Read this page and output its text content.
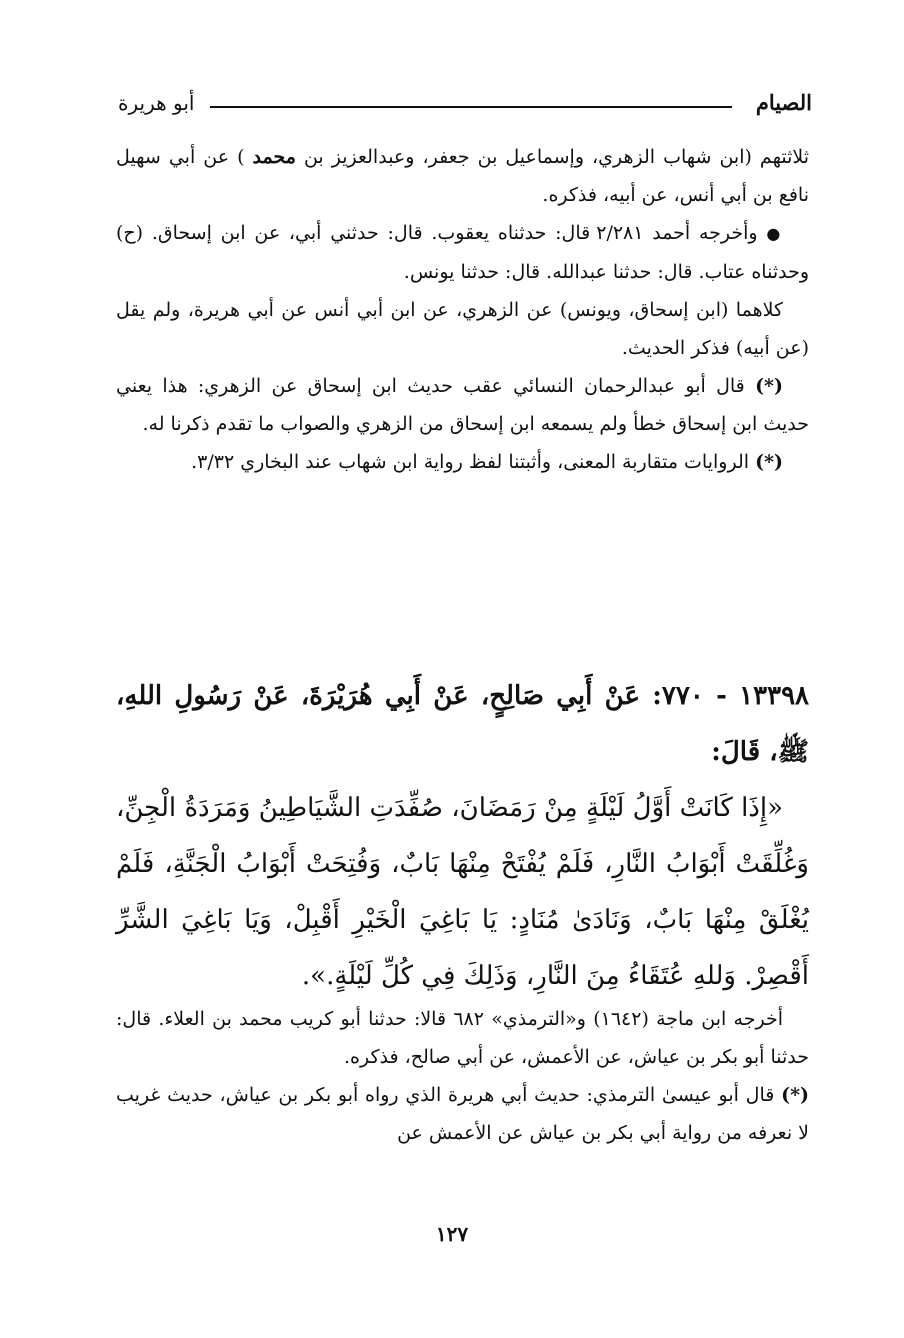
الصيام
أبو هريرة

ثلاثتهم (ابن شهاب الزهري، وإسماعيل بن جعفر، وعبدالعزيز بن محمد ) عن أبي سهيل نافع بن أبي أنس، عن أبيه، فذكره.

● وأخرجه أحمد ٢/٢٨١ قال: حدثناه يعقوب. قال: حدثني أبي، عن ابن إسحاق. (ح) وحدثناه عتاب. قال: حدثنا عبدالله. قال: حدثنا يونس.

كلاهما (ابن إسحاق، ويونس) عن الزهري، عن ابن أبي أنس عن أبي هريرة، ولم يقل (عن أبيه) فذكر الحديث.

(*) قال أبو عبدالرحمان النسائي عقب حديث ابن إسحاق عن الزهري: هذا يعني حديث ابن إسحاق خطأ ولم يسمعه ابن إسحاق من الزهري والصواب ما تقدم ذكرنا له.

(*) الروايات متقاربة المعنى، وأثبتنا لفظ رواية ابن شهاب عند البخاري ٣/٣٢.

١٣٣٩٨ - ٧٧٠: عَنْ أَبِي صَالِحٍ، عَنْ أَبِي هُرَيْرَةَ، عَنْ رَسُولِ اللهِ، ﷺ، قَالَ:

«إِذَا كَانَتْ أَوَّلُ لَيْلَةٍ مِنْ رَمَضَانَ، صُفِّدَتِ الشَّيَاطِينُ وَمَرَدَةُ الْجِنِّ، وَغُلِّقَتْ أَبْوَابُ النَّارِ، فَلَمْ يُفْتَحْ مِنْهَا بَابٌ، وَفُتِحَتْ أَبْوَابُ الْجَنَّةِ، فَلَمْ يُغْلَقْ مِنْهَا بَابٌ، وَنَادَىٰ مُنَادٍ: يَا بَاغِيَ الْخَيْرِ أَقْبِلْ، وَيَا بَاغِيَ الشَّرِّ أَقْصِرْ. وَللهِ عُتَقَاءُ مِنَ النَّارِ، وَذَلِكَ فِي كُلِّ لَيْلَةٍ.».

أخرجه ابن ماجة (١٦٤٢) و«الترمذي» ٦٨٢ قالا: حدثنا أبو كريب محمد بن العلاء. قال: حدثنا أبو بكر بن عياش، عن الأعمش، عن أبي صالح، فذكره.

(*) قال أبو عيسىٰ الترمذي: حديث أبي هريرة الذي رواه أبو بكر بن عياش، حديث غريب لا نعرفه من رواية أبي بكر بن عياش عن الأعمش عن

١٢٧
